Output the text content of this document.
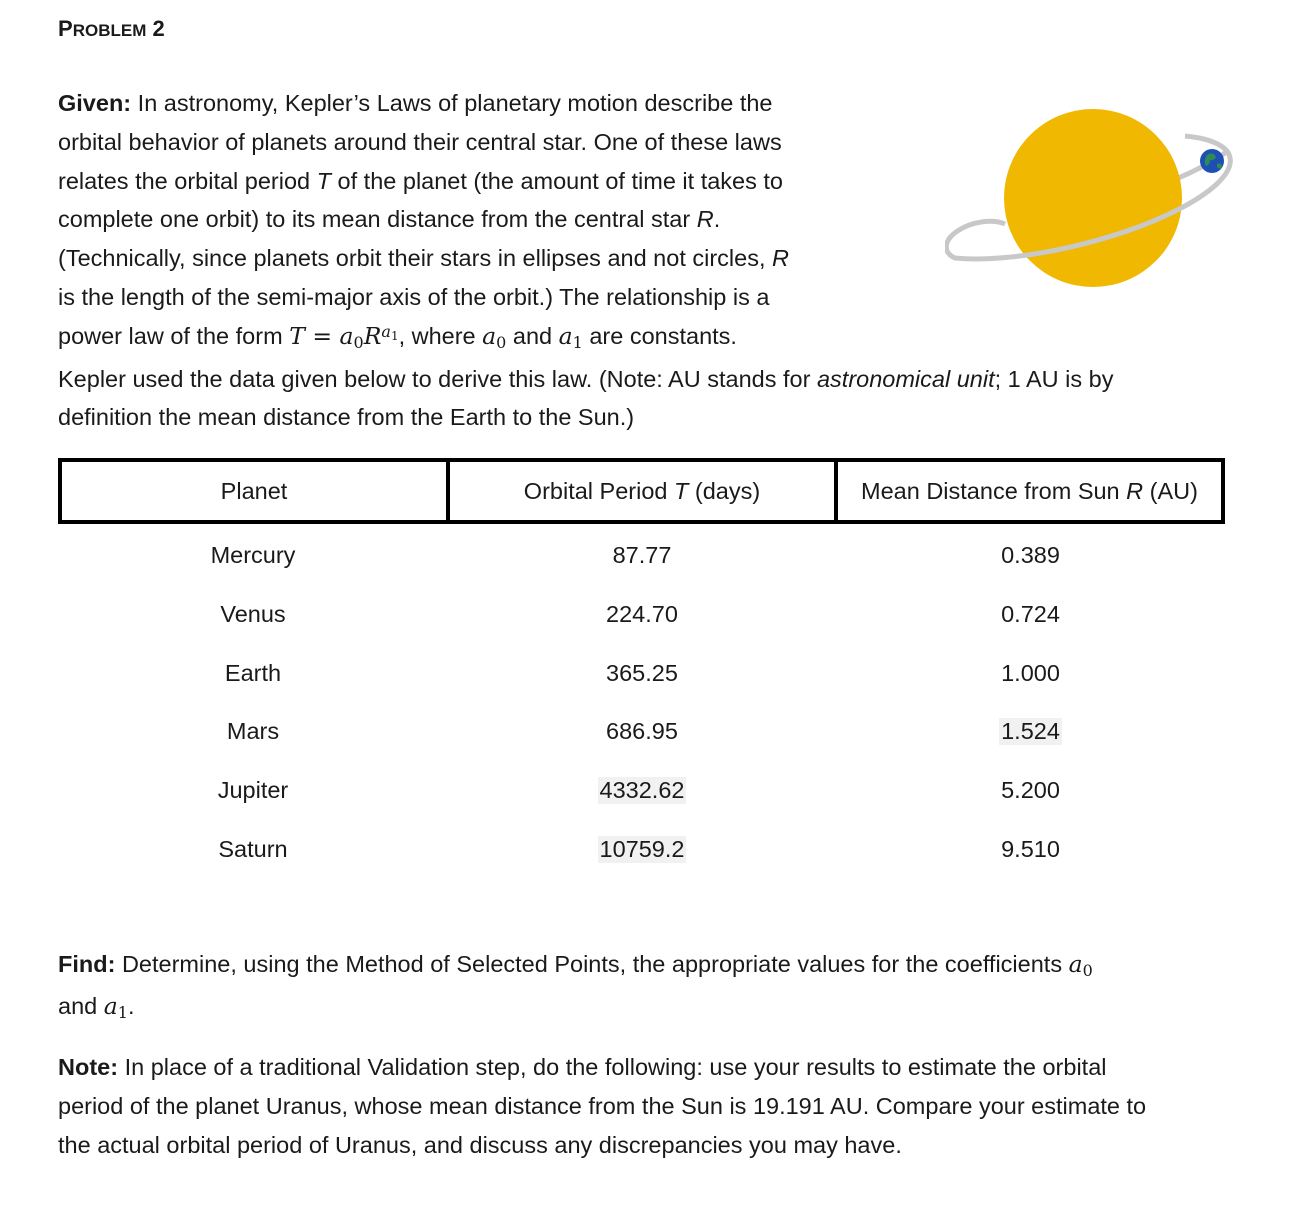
PROBLEM 2
Given: In astronomy, Kepler’s Laws of planetary motion describe the
orbital behavior of planets around their central star. One of these laws
relates the orbital period T of the planet (the amount of time it takes to
complete one orbit) to its mean distance from the central star R.
(Technically, since planets orbit their stars in ellipses and not circles, R
is the length of the semi-major axis of the orbit.) The relationship is a
power law of the form $T = a0R^{a1}$, where a0 and a1 are constants.
Kepler used the data given below to derive this law. (Note: AU stands for astronomical unit; 1 AU is by
definition the mean distance from the Earth to the Sun.)
Planet	Orbital Period T (days)	Mean Distance from Sun R (AU)
Mercury	87.77	0.389
Venus	224.70	0.724
Earth	365.25	1.000
Mars	686.95	1.524
Jupiter	4332.62	5.200
Saturn	10759.2	9.510
Find: Determine, using the Method of Selected Points, the appropriate values for the coefficients a0
and a1.
Note: In place of a traditional Validation step, do the following: use your results to estimate the orbital
period of the planet Uranus, whose mean distance from the Sun is 19.191 AU. Compare your estimate to
the actual orbital period of Uranus, and discuss any discrepancies you may have.
